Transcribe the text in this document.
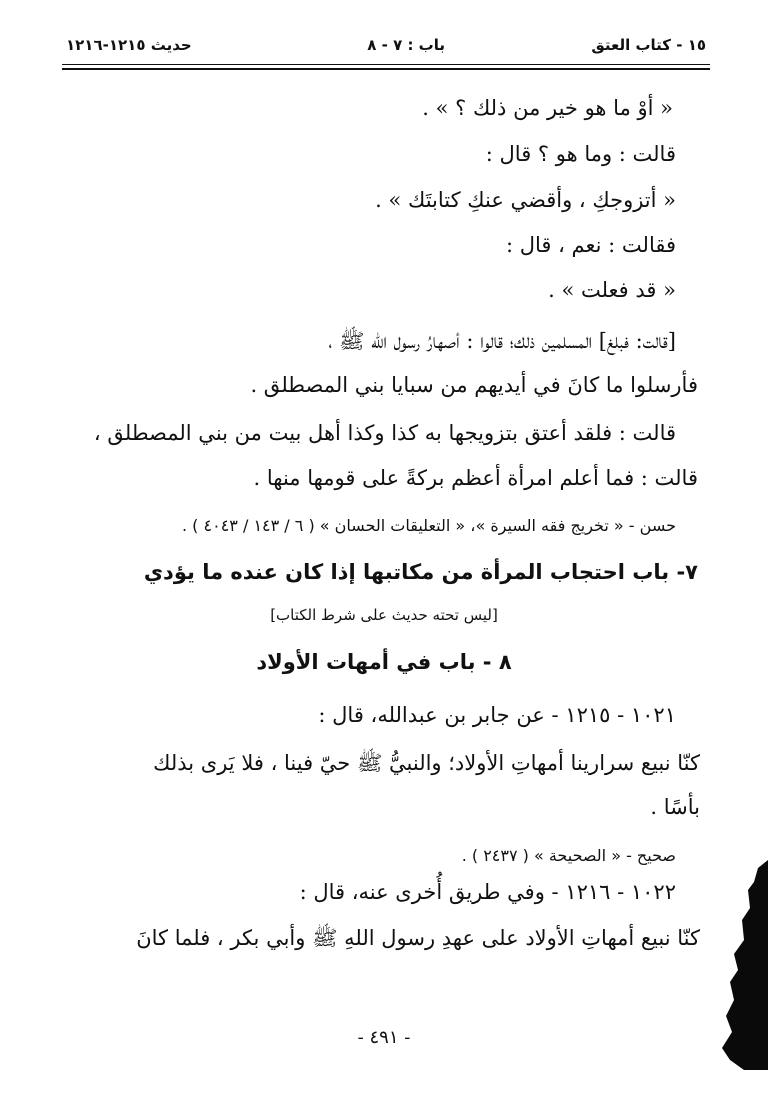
١٥ - كتاب العتق
باب : ٧ - ٨
حديث ١٢١٥-١٢١٦
« أوْ ما هو خير من ذلك ؟ » .
قالت : وما هو ؟ قال :
« أتزوجكِ ، وأقضي عنكِ كتابتَك » .
فقالت : نعم ، قال :
« قد فعلت » .
[قالت: فبلغ] المسلمين ذلك؛ قالوا : أصهارُ رسول الله ﷺ ،
فأرسلوا ما كانَ في أيديهم من سبايا بني المصطلق .
قالت : فلقد أعتق بتزويجها به كذا وكذا أهل بيت من بني المصطلق ،
قالت : فما أعلم امرأة أعظم بركةً على قومها منها .
حسن - « تخريج فقه السيرة »، « التعليقات الحسان » ( ٦ / ١٤٣ / ٤٠٤٣ ) .
٧- باب احتجاب المرأة من مكاتبها إذا كان عنده ما يؤدي
[ليس تحته حديث على شرط الكتاب]
٨ - باب في أمهات الأولاد
١٠٢١ - ١٢١٥ - عن جابر بن عبدالله، قال :
كنّا نبيع سرارينا أمهاتِ الأولاد؛ والنبيُّ ﷺ حيّ فينا ، فلا يَرى بذلك
بأسًا .
صحيح - « الصحيحة » ( ٢٤٣٧ ) .
١٠٢٢ - ١٢١٦ - وفي طريق أُخرى عنه، قال :
كنّا نبيع أمهاتِ الأولاد على عهدِ رسول اللهِ ﷺ وأبي بكر ، فلما كانَ
- ٤٩١ -
